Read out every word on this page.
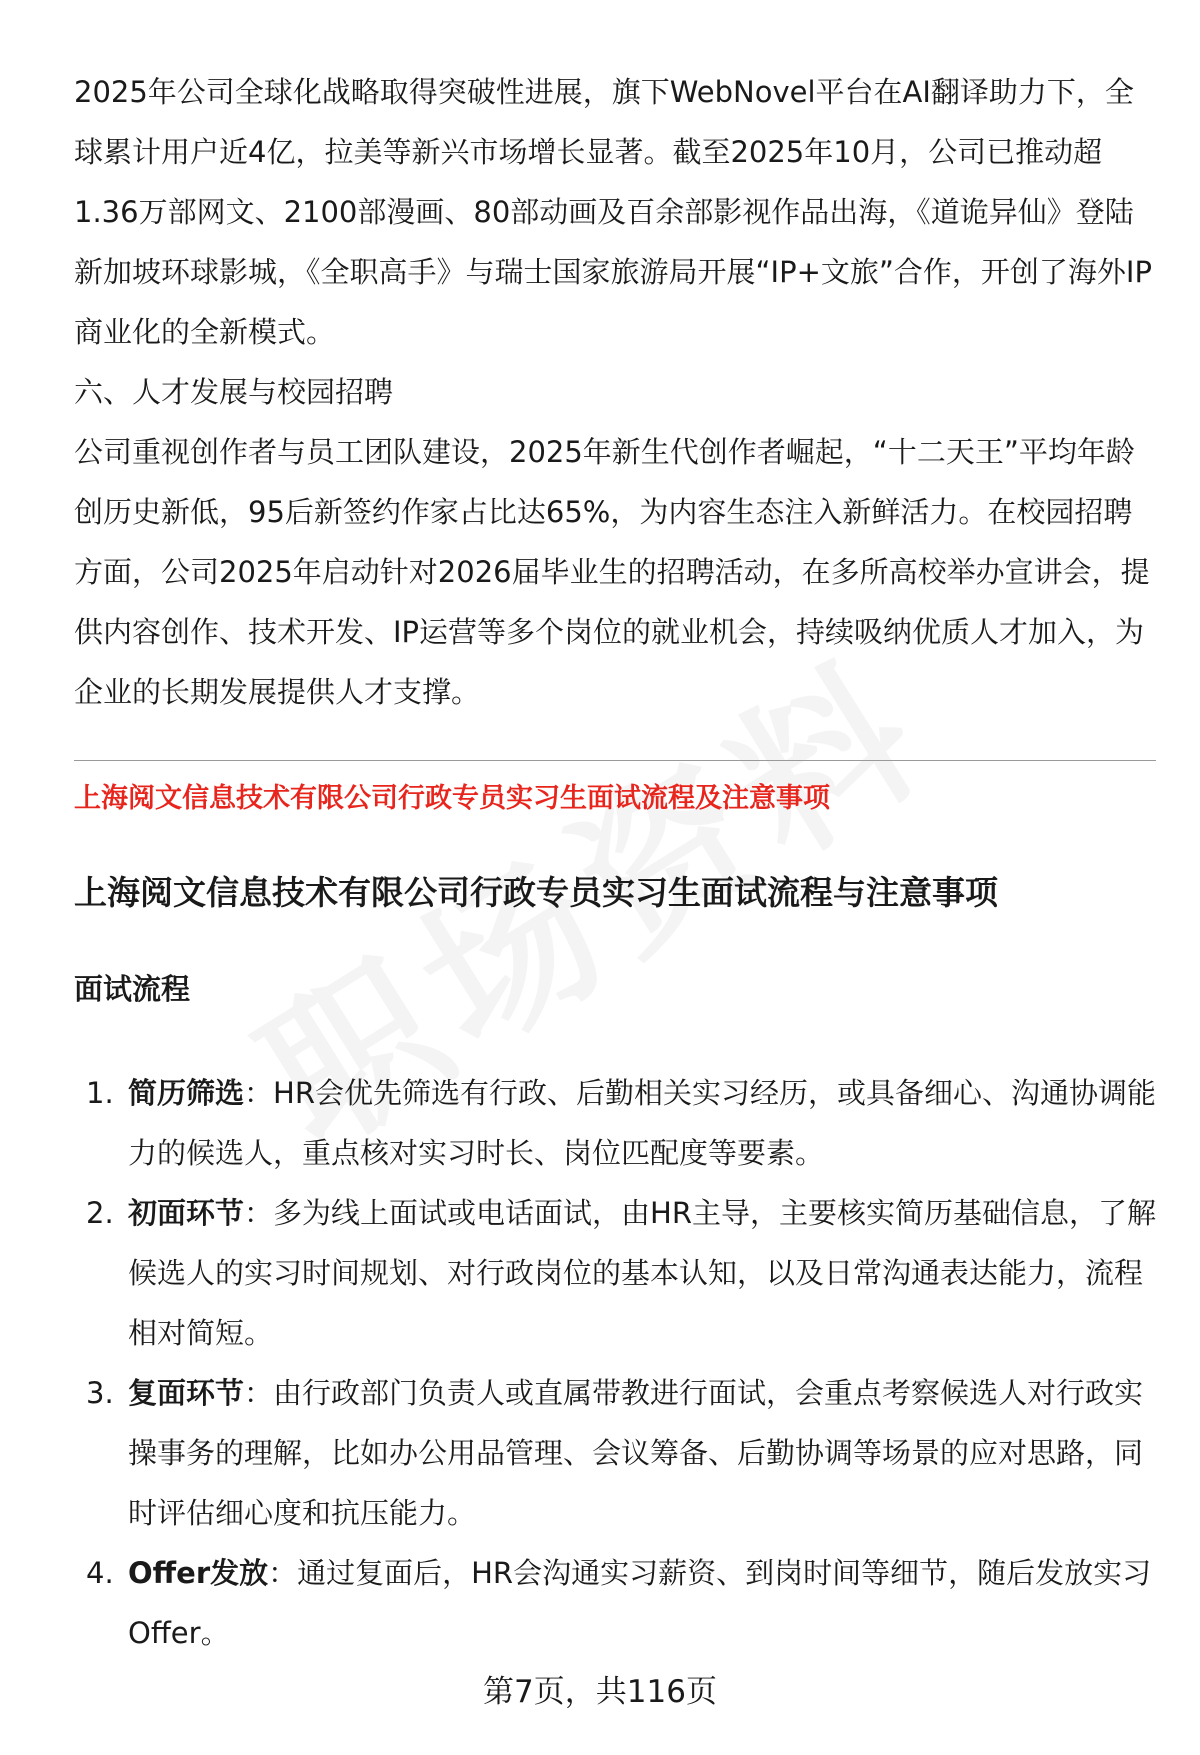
2025年公司全球化战略取得突破性进展，旗下WebNovel平台在AI翻译助力下，全球累计用户近4亿，拉美等新兴市场增长显著。截至2025年10月，公司已推动超1.36万部网文、2100部漫画、80部动画及百余部影视作品出海，《道诡异仙》登陆新加坡环球影城，《全职高手》与瑞士国家旅游局开展“IP+文旅”合作，开创了海外IP商业化的全新模式。

六、人才发展与校园招聘

公司重视创作者与员工团队建设，2025年新生代创作者崛起，“十二天王”平均年龄创历史新低，95后新签约作家占比达65%，为内容生态注入新鲜活力。在校园招聘方面，公司2025年启动针对2026届毕业生的招聘活动，在多所高校举办宣讲会，提供内容创作、技术开发、IP运营等多个岗位的就业机会，持续吸纳优质人才加入，为企业的长期发展提供人才支撑。

上海阅文信息技术有限公司行政专员实习生面试流程及注意事项
上海阅文信息技术有限公司行政专员实习生面试流程与注意事项
面试流程
1. 简历筛选：HR会优先筛选有行政、后勤相关实习经历，或具备细心、沟通协调能力的候选人，重点核对实习时长、岗位匹配度等要素。
2. 初面环节：多为线上面试或电话面试，由HR主导，主要核实简历基础信息，了解候选人的实习时间规划、对行政岗位的基本认知，以及日常沟通表达能力，流程相对简短。
3. 复面环节：由行政部门负责人或直属带教进行面试，会重点考察候选人对行政实操事务的理解，比如办公用品管理、会议筹备、后勤协调等场景的应对思路，同时评估细心度和抗压能力。
4. Offer发放：通过复面后，HR会沟通实习薪资、到岗时间等细节，随后发放实习Offer。
第7页，共116页
